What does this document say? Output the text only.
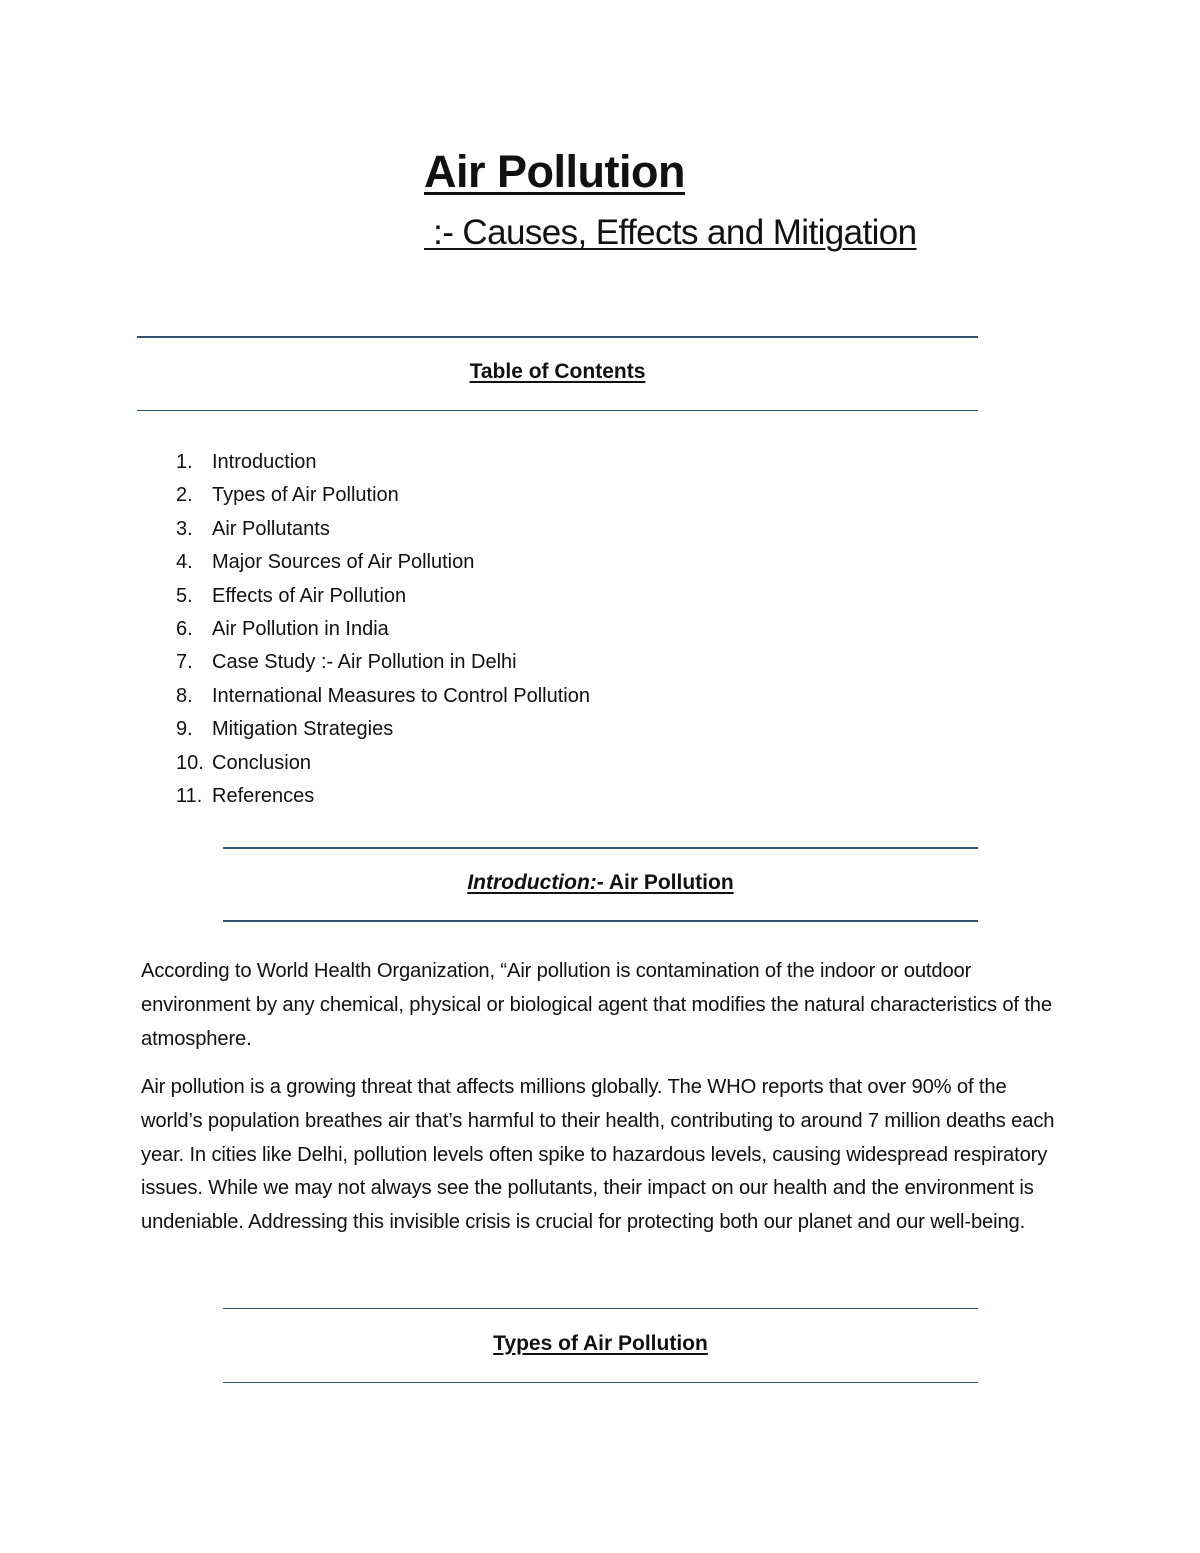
Air Pollution
:- Causes, Effects and Mitigation
Table of Contents
1. Introduction
2. Types of Air Pollution
3. Air Pollutants
4. Major Sources of Air Pollution
5. Effects of Air Pollution
6. Air Pollution in India
7. Case Study :- Air Pollution in Delhi
8. International Measures to Control Pollution
9. Mitigation Strategies
10. Conclusion
11. References
Introduction:- Air Pollution

According to World Health Organization, “Air pollution is contamination of the indoor or outdoor environment by any chemical, physical or biological agent that modifies the natural characteristics of the atmosphere.

Air pollution is a growing threat that affects millions globally. The WHO reports that over 90% of the world’s population breathes air that’s harmful to their health, contributing to around 7 million deaths each year. In cities like Delhi, pollution levels often spike to hazardous levels, causing widespread respiratory issues. While we may not always see the pollutants, their impact on our health and the environment is undeniable. Addressing this invisible crisis is crucial for protecting both our planet and our well-being.

Types of Air Pollution
